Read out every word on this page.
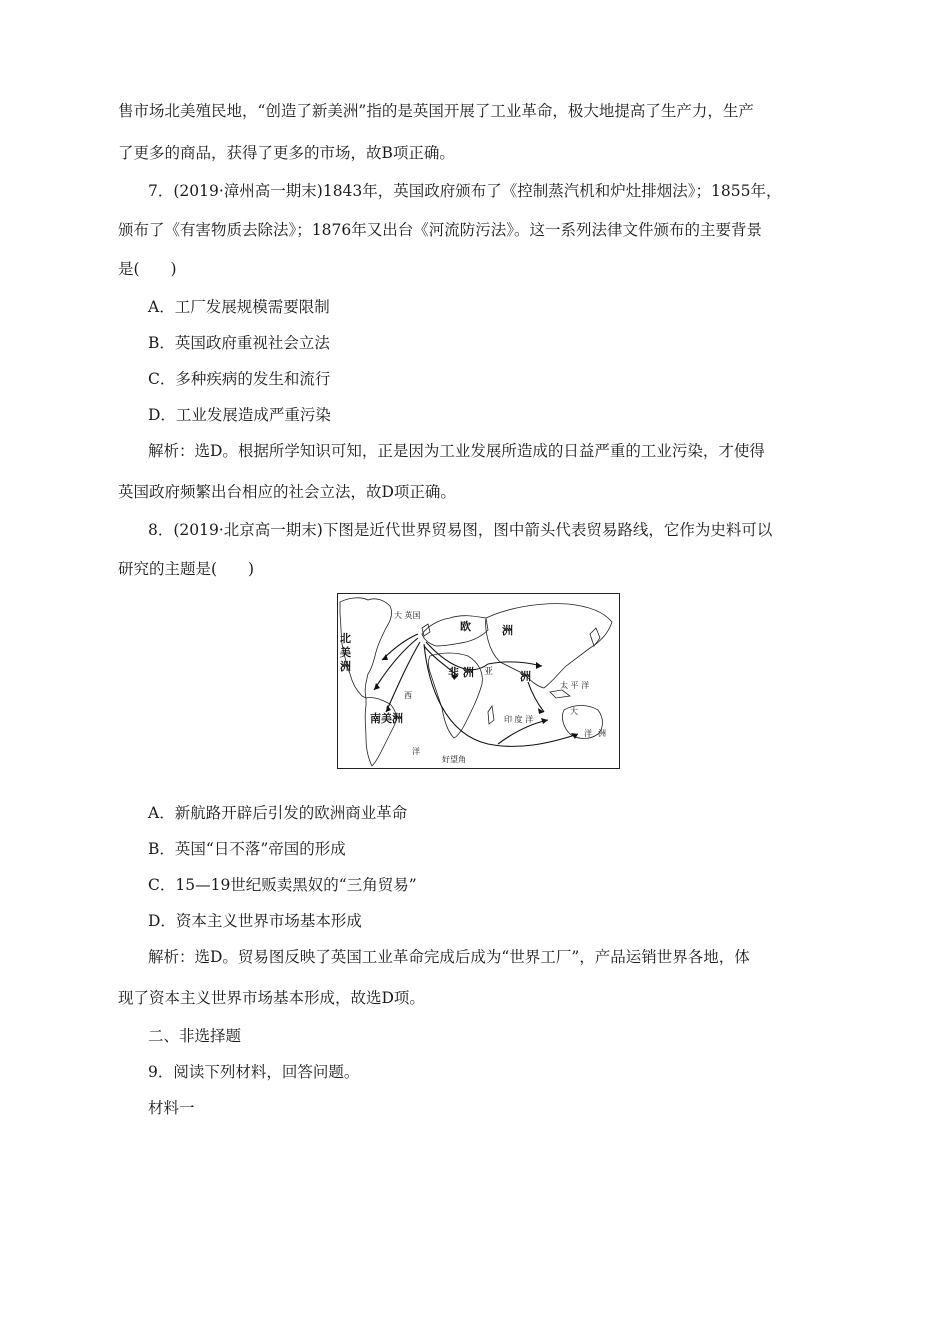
售市场北美殖民地，“创造了新美洲”指的是英国开展了工业革命，极大地提高了生产力，生产
了更多的商品，获得了更多的市场，故B项正确。
7．(2019·漳州高一期末)1843年，英国政府颁布了《控制蒸汽机和炉灶排烟法》；1855年，
颁布了《有害物质去除法》；1876年又出台《河流防污法》。这一系列法律文件颁布的主要背景
是(　　)
A．工厂发展规模需要限制
B．英国政府重视社会立法
C．多种疾病的发生和流行
D．工业发展造成严重污染
解析：选D。根据所学知识可知，正是因为工业发展所造成的日益严重的工业污染，才使得
英国政府频繁出台相应的社会立法，故D项正确。
8．(2019·北京高一期末)下图是近代世界贸易图，图中箭头代表贸易路线，它作为史料可以
研究的主题是(　　)
北
美
洲
大 英国
欧	洲
亚 洲
非 洲
南美洲
西
洋
太 平 洋
印 度 洋
大
洲
洋
好望角
A．新航路开辟后引发的欧洲商业革命
B．英国“日不落”帝国的形成
C．15—19世纪贩卖黑奴的“三角贸易”
D．资本主义世界市场基本形成
解析：选D。贸易图反映了英国工业革命完成后成为“世界工厂”，产品运销世界各地，体
现了资本主义世界市场基本形成，故选D项。
二、非选择题
9．阅读下列材料，回答问题。
材料一
